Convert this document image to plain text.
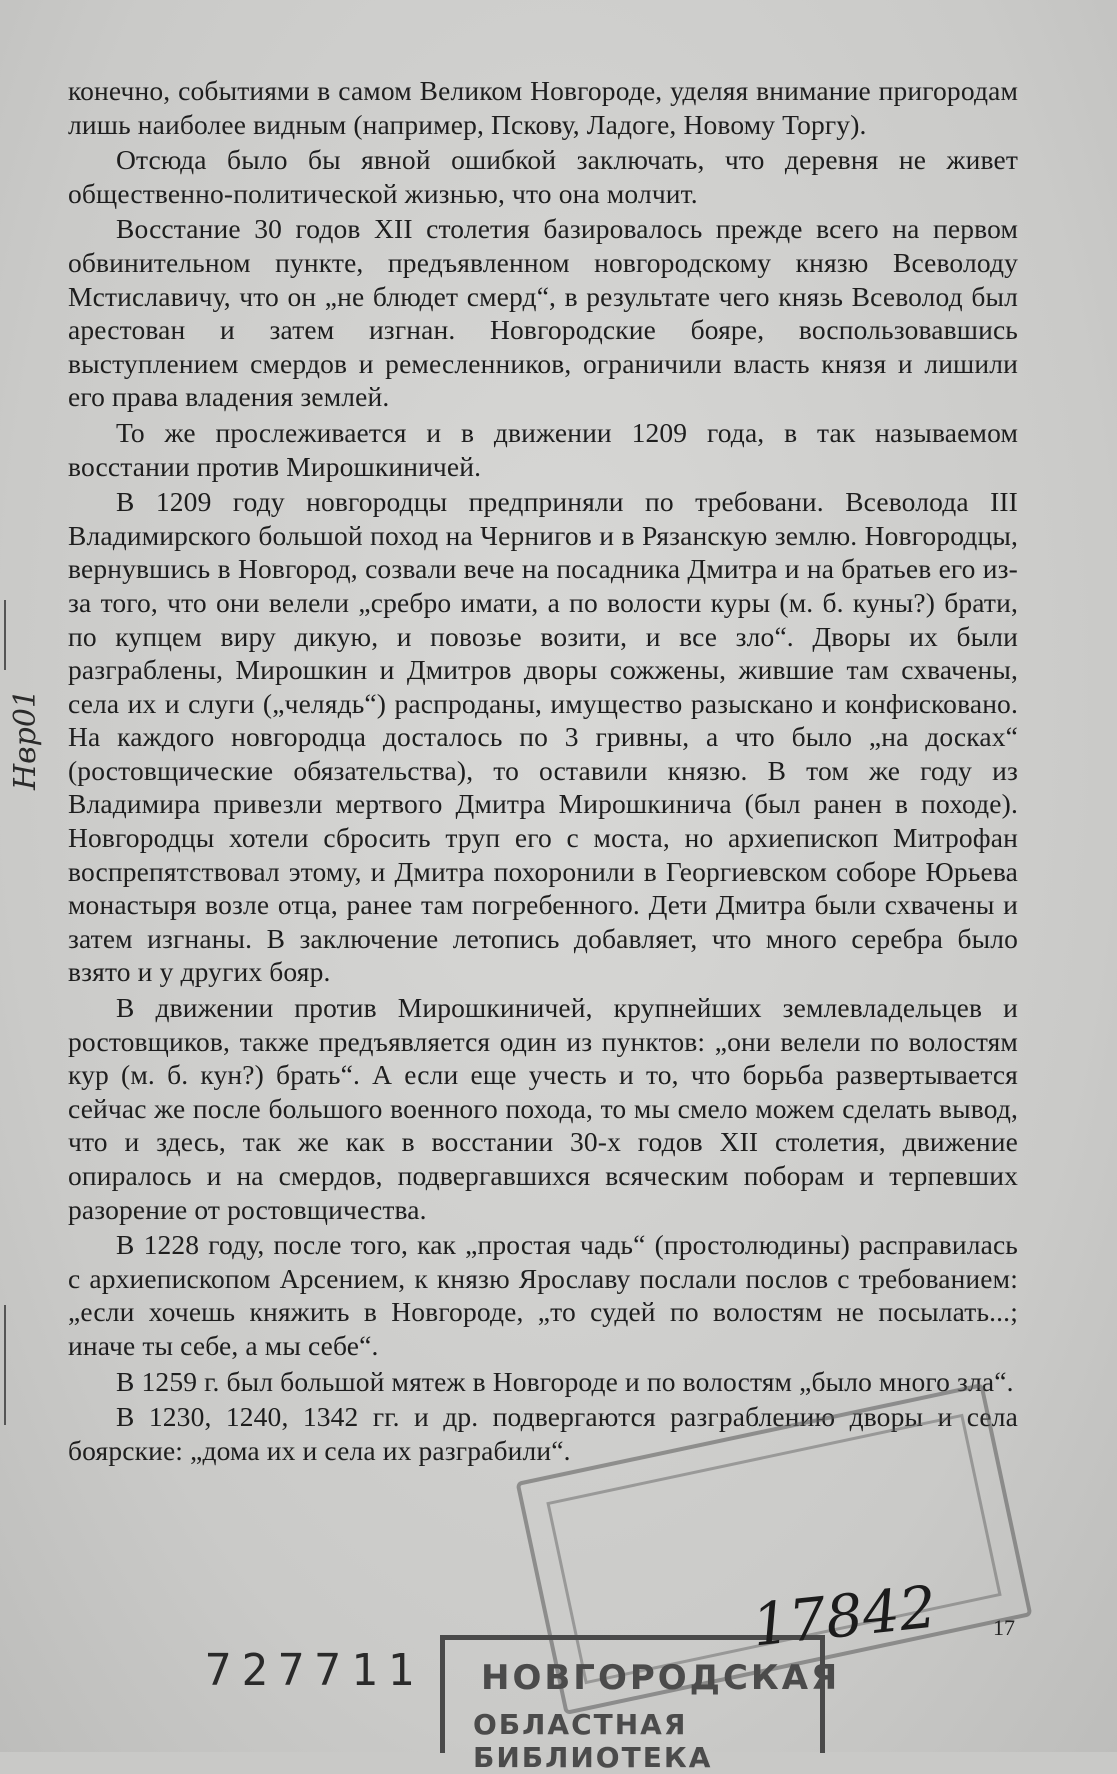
конечно, событиями в самом Великом Новгороде, уделяя внимание пригородам лишь наиболее видным (например, Пскову, Ладоге, Новому Торгу).

Отсюда было бы явной ошибкой заключать, что деревня не живет общественно-политической жизнью, что она молчит.

Восстание 30 годов XII столетия базировалось прежде всего на первом обвинительном пункте, предъявленном новгородскому князю Всеволоду Мстиславичу, что он „не блюдет смерд“, в результате чего князь Всеволод был арестован и затем изгнан. Новгородские бояре, воспользовавшись выступлением смердов и ремесленников, ограничили власть князя и лишили его права владения землей.

То же прослеживается и в движении 1209 года, в так называемом восстании против Мирошкиничей.

В 1209 году новгородцы предприняли по требовани. Всеволода III Владимирского большой поход на Чернигов и в Рязанскую землю. Новгородцы, вернувшись в Новгород, созвали вече на посадника Дмитра и на братьев его из-за того, что они велели „сребро имати, а по волости куры (м. б. куны?) брати, по купцем виру дикую, и повозье возити, и все зло“. Дворы их были разграблены, Мирошкин и Дмитров дворы сожжены, жившие там схвачены, села их и слуги („челядь“) распроданы, имущество разыскано и конфисковано. На каждого новгородца досталось по 3 гривны, а что было „на досках“ (ростовщические обязательства), то оставили князю. В том же году из Владимира привезли мертвого Дмитра Мирошкинича (был ранен в походе). Новгородцы хотели сбросить труп его с моста, но архиепископ Митрофан воспрепятствовал этому, и Дмитра похоронили в Георгиевском соборе Юрьева монастыря возле отца, ранее там погребенного. Дети Дмитра были схвачены и затем изгнаны. В заключение летопись добавляет, что много серебра было взято и у других бояр.

В движении против Мирошкиничей, крупнейших землевладельцев и ростовщиков, также предъявляется один из пунктов: „они велели по волостям кур (м. б. кун?) брать“. А если еще учесть и то, что борьба развертывается сейчас же после большого военного похода, то мы смело можем сделать вывод, что и здесь, так же как в восстании 30-х годов XII столетия, движение опиралось и на смердов, подвергавшихся всяческим поборам и терпевших разорение от ростовщичества.

В 1228 году, после того, как „простая чадь“ (простолюдины) расправилась с архиепископом Арсением, к князю Ярославу послали послов с требованием: „если хочешь княжить в Новгороде, „то судей по волостям не посылать...; иначе ты себе, а мы себе“.

В 1259 г. был большой мятеж в Новгороде и по волостям „было много зла“.

В 1230, 1240, 1342 гг. и др. подвергаются разграблению дворы и села боярские: „дома их и села их разграбили“.

Нвр01
17
727711 НОВГОРОДСКАЯ
ОБЛАСТНАЯ БИБЛИОТЕКА
17842
